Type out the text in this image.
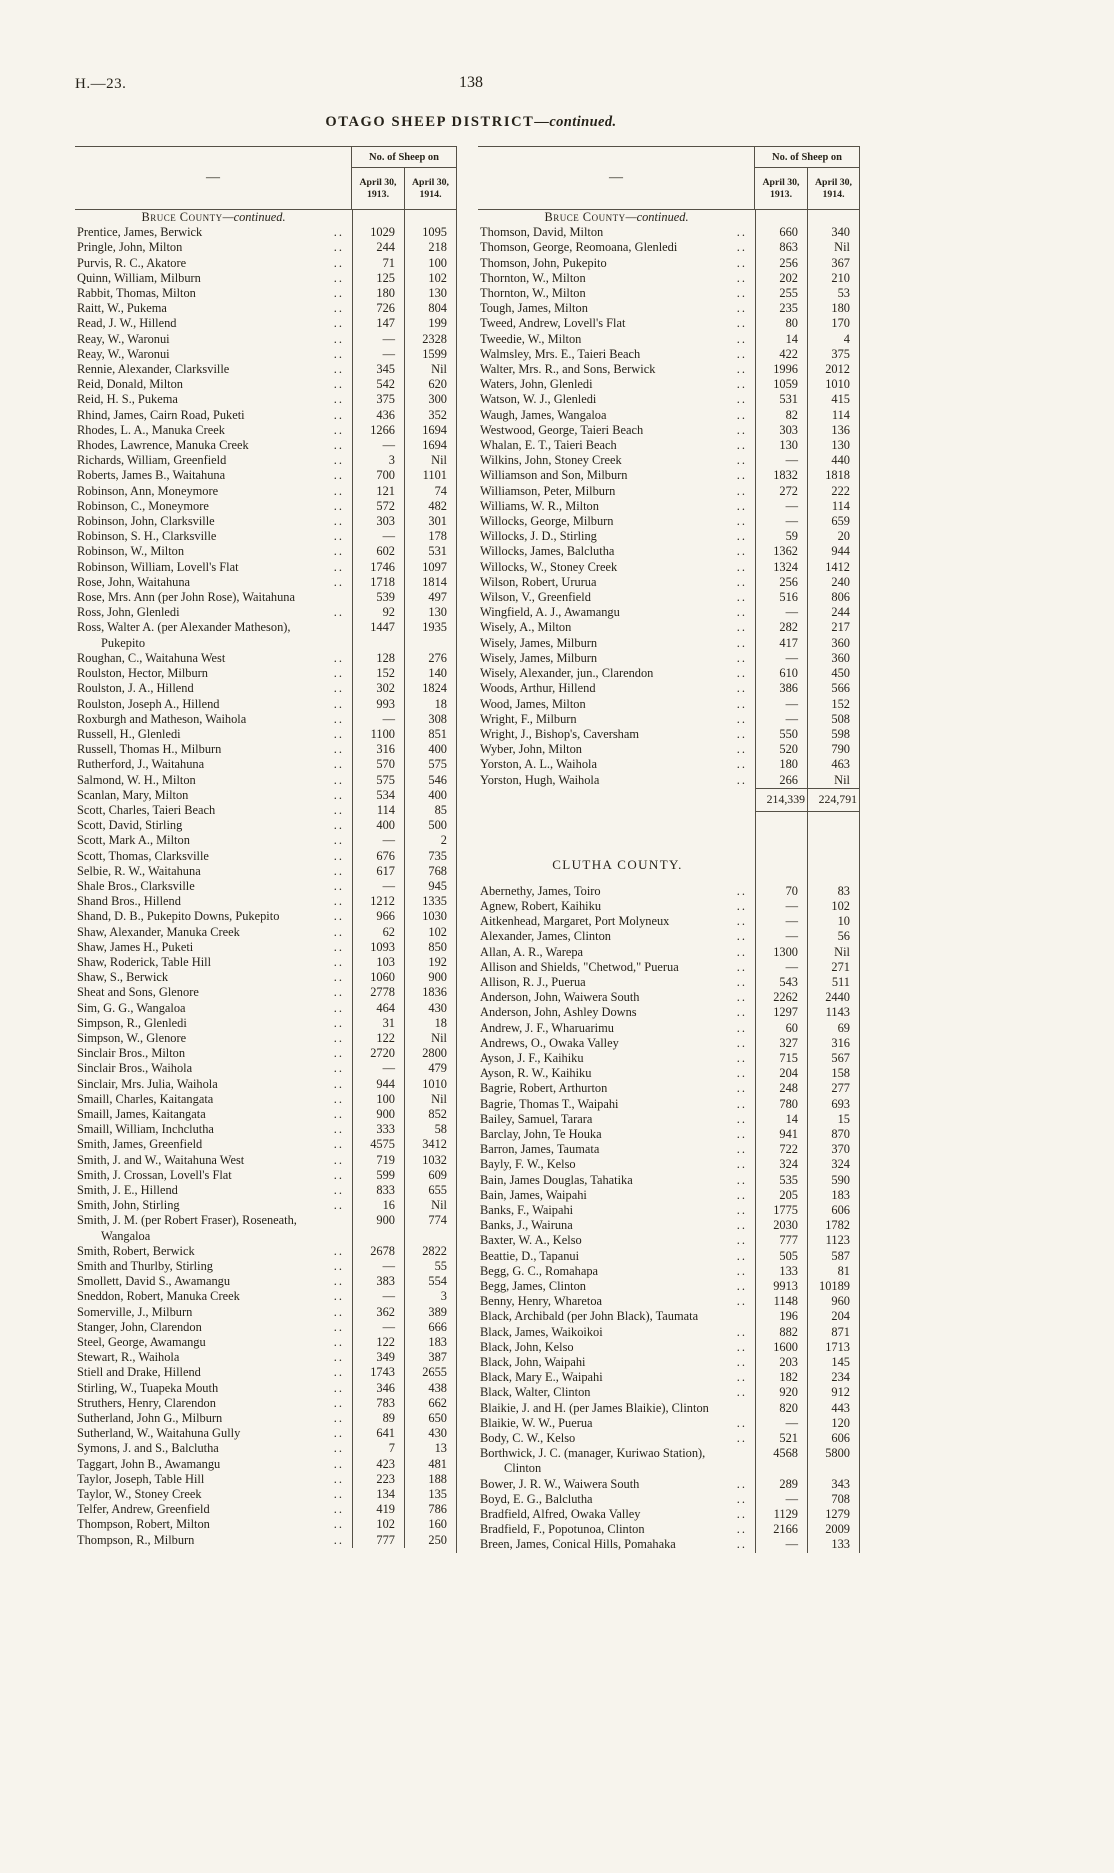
H.—23.	138
OTAGO SHEEP DISTRICT—continued.
—
No. of Sheep on
April 30, 1913.
April 30, 1914.
Bruce County—continued.
Prentice, James, Berwick	..	1029	1095
Pringle, John, Milton	..	244	218
Purvis, R. C., Akatore	..	71	100
Quinn, William, Milburn	..	125	102
Rabbit, Thomas, Milton	..	180	130
Raitt, W., Pukema	..	726	804
Read, J. W., Hillend	..	147	199
Reay, W., Waronui	..	—	2328
Reay, W., Waronui	..	—	1599
Rennie, Alexander, Clarksville	..	345	Nil
Reid, Donald, Milton	..	542	620
Reid, H. S., Pukema	..	375	300
Rhind, James, Cairn Road, Puketi	..	436	352
Rhodes, L. A., Manuka Creek	..	1266	1694
Rhodes, Lawrence, Manuka Creek	..	—	1694
Richards, William, Greenfield	..	3	Nil
Roberts, James B., Waitahuna	..	700	1101
Robinson, Ann, Moneymore	..	121	74
Robinson, C., Moneymore	..	572	482
Robinson, John, Clarksville	..	303	301
Robinson, S. H., Clarksville	..	—	178
Robinson, W., Milton	..	602	531
Robinson, William, Lovell's Flat	..	1746	1097
Rose, John, Waitahuna	..	1718	1814
Rose, Mrs. Ann (per John Rose), Waitahuna	539	497
Ross, John, Glenledi	..	92	130
Ross, Walter A. (per Alexander Matheson),
Pukepito
1447	1935
Roughan, C., Waitahuna West	..	128	276
Roulston, Hector, Milburn	..	152	140
Roulston, J. A., Hillend	..	302	1824
Roulston, Joseph A., Hillend	..	993	18
Roxburgh and Matheson, Waihola	..	—	308
Russell, H., Glenledi	..	1100	851
Russell, Thomas H., Milburn	..	316	400
Rutherford, J., Waitahuna	..	570	575
Salmond, W. H., Milton	..	575	546
Scanlan, Mary, Milton	..	534	400
Scott, Charles, Taieri Beach	..	114	85
Scott, David, Stirling	..	400	500
Scott, Mark A., Milton	..	—	2
Scott, Thomas, Clarksville	..	676	735
Selbie, R. W., Waitahuna	..	617	768
Shale Bros., Clarksville	..	—	945
Shand Bros., Hillend	..	1212	1335
Shand, D. B., Pukepito Downs, Pukepito	..	966	1030
Shaw, Alexander, Manuka Creek	..	62	102
Shaw, James H., Puketi	..	1093	850
Shaw, Roderick, Table Hill	..	103	192
Shaw, S., Berwick	..	1060	900
Sheat and Sons, Glenore	..	2778	1836
Sim, G. G., Wangaloa	..	464	430
Simpson, R., Glenledi	..	31	18
Simpson, W., Glenore	..	122	Nil
Sinclair Bros., Milton	..	2720	2800
Sinclair Bros., Waihola	..	—	479
Sinclair, Mrs. Julia, Waihola	..	944	1010
Smaill, Charles, Kaitangata	..	100	Nil
Smaill, James, Kaitangata	..	900	852
Smaill, William, Inchclutha	..	333	58
Smith, James, Greenfield	..	4575	3412
Smith, J. and W., Waitahuna West	..	719	1032
Smith, J. Crossan, Lovell's Flat	..	599	609
Smith, J. E., Hillend	..	833	655
Smith, John, Stirling	..	16	Nil
Smith, J. M. (per Robert Fraser), Roseneath,
Wangaloa
900	774
Smith, Robert, Berwick	..	2678	2822
Smith and Thurlby, Stirling	..	—	55
Smollett, David S., Awamangu	..	383	554
Sneddon, Robert, Manuka Creek	..	—	3
Somerville, J., Milburn	..	362	389
Stanger, John, Clarendon	..	—	666
Steel, George, Awamangu	..	122	183
Stewart, R., Waihola	..	349	387
Stiell and Drake, Hillend	..	1743	2655
Stirling, W., Tuapeka Mouth	..	346	438
Struthers, Henry, Clarendon	..	783	662
Sutherland, John G., Milburn	..	89	650
Sutherland, W., Waitahuna Gully	..	641	430
Symons, J. and S., Balclutha	..	7	13
Taggart, John B., Awamangu	..	423	481
Taylor, Joseph, Table Hill	..	223	188
Taylor, W., Stoney Creek	..	134	135
Telfer, Andrew, Greenfield	..	419	786
Thompson, Robert, Milton	..	102	160
Thompson, R., Milburn	..	777	250
—
No. of Sheep on
April 30, 1913.
April 30, 1914.
Bruce County—continued.
Thomson, David, Milton	..	660	340
Thomson, George, Reomoana, Glenledi	..	863	Nil
Thomson, John, Pukepito	..	256	367
Thornton, W., Milton	..	202	210
Thornton, W., Milton	..	255	53
Tough, James, Milton	..	235	180
Tweed, Andrew, Lovell's Flat	..	80	170
Tweedie, W., Milton	..	14	4
Walmsley, Mrs. E., Taieri Beach	..	422	375
Walter, Mrs. R., and Sons, Berwick	..	1996	2012
Waters, John, Glenledi	..	1059	1010
Watson, W. J., Glenledi	..	531	415
Waugh, James, Wangaloa	..	82	114
Westwood, George, Taieri Beach	..	303	136
Whalan, E. T., Taieri Beach	..	130	130
Wilkins, John, Stoney Creek	..	—	440
Williamson and Son, Milburn	..	1832	1818
Williamson, Peter, Milburn	..	272	222
Williams, W. R., Milton	..	—	114
Willocks, George, Milburn	..	—	659
Willocks, J. D., Stirling	..	59	20
Willocks, James, Balclutha	..	1362	944
Willocks, W., Stoney Creek	..	1324	1412
Wilson, Robert, Ururua	..	256	240
Wilson, V., Greenfield	..	516	806
Wingfield, A. J., Awamangu	..	—	244
Wisely, A., Milton	..	282	217
Wisely, James, Milburn	..	417	360
Wisely, James, Milburn	..	—	360
Wisely, Alexander, jun., Clarendon	..	610	450
Woods, Arthur, Hillend	..	386	566
Wood, James, Milton	..	—	152
Wright, F., Milburn	..	—	508
Wright, J., Bishop's, Caversham	..	550	598
Wyber, John, Milton	..	520	790
Yorston, A. L., Waihola	..	180	463
Yorston, Hugh, Waihola	..	266	Nil
214,339	224,791
CLUTHA COUNTY.
Abernethy, James, Toiro	..	70	83
Agnew, Robert, Kaihiku	..	—	102
Aitkenhead, Margaret, Port Molyneux	..	—	10
Alexander, James, Clinton	..	—	56
Allan, A. R., Warepa	..	1300	Nil
Allison and Shields, "Chetwod," Puerua	..	—	271
Allison, R. J., Puerua	..	543	511
Anderson, John, Waiwera South	..	2262	2440
Anderson, John, Ashley Downs	..	1297	1143
Andrew, J. F., Wharuarimu	..	60	69
Andrews, O., Owaka Valley	..	327	316
Ayson, J. F., Kaihiku	..	715	567
Ayson, R. W., Kaihiku	..	204	158
Bagrie, Robert, Arthurton	..	248	277
Bagrie, Thomas T., Waipahi	..	780	693
Bailey, Samuel, Tarara	..	14	15
Barclay, John, Te Houka	..	941	870
Barron, James, Taumata	..	722	370
Bayly, F. W., Kelso	..	324	324
Bain, James Douglas, Tahatika	..	535	590
Bain, James, Waipahi	..	205	183
Banks, F., Waipahi	..	1775	606
Banks, J., Wairuna	..	2030	1782
Baxter, W. A., Kelso	..	777	1123
Beattie, D., Tapanui	..	505	587
Begg, G. C., Romahapa	..	133	81
Begg, James, Clinton	..	9913	10189
Benny, Henry, Wharetoa	..	1148	960
Black, Archibald (per John Black), Taumata	196	204
Black, James, Waikoikoi	..	882	871
Black, John, Kelso	..	1600	1713
Black, John, Waipahi	..	203	145
Black, Mary E., Waipahi	..	182	234
Black, Walter, Clinton	..	920	912
Blaikie, J. and H. (per James Blaikie), Clinton	820	443
Blaikie, W. W., Puerua	..	—	120
Body, C. W., Kelso	..	521	606
Borthwick, J. C. (manager, Kuriwao Station),
Clinton
4568	5800
Bower, J. R. W., Waiwera South	..	289	343
Boyd, E. G., Balclutha	..	—	708
Bradfield, Alfred, Owaka Valley	..	1129	1279
Bradfield, F., Popotunoa, Clinton	..	2166	2009
Breen, James, Conical Hills, Pomahaka	..	—	133
